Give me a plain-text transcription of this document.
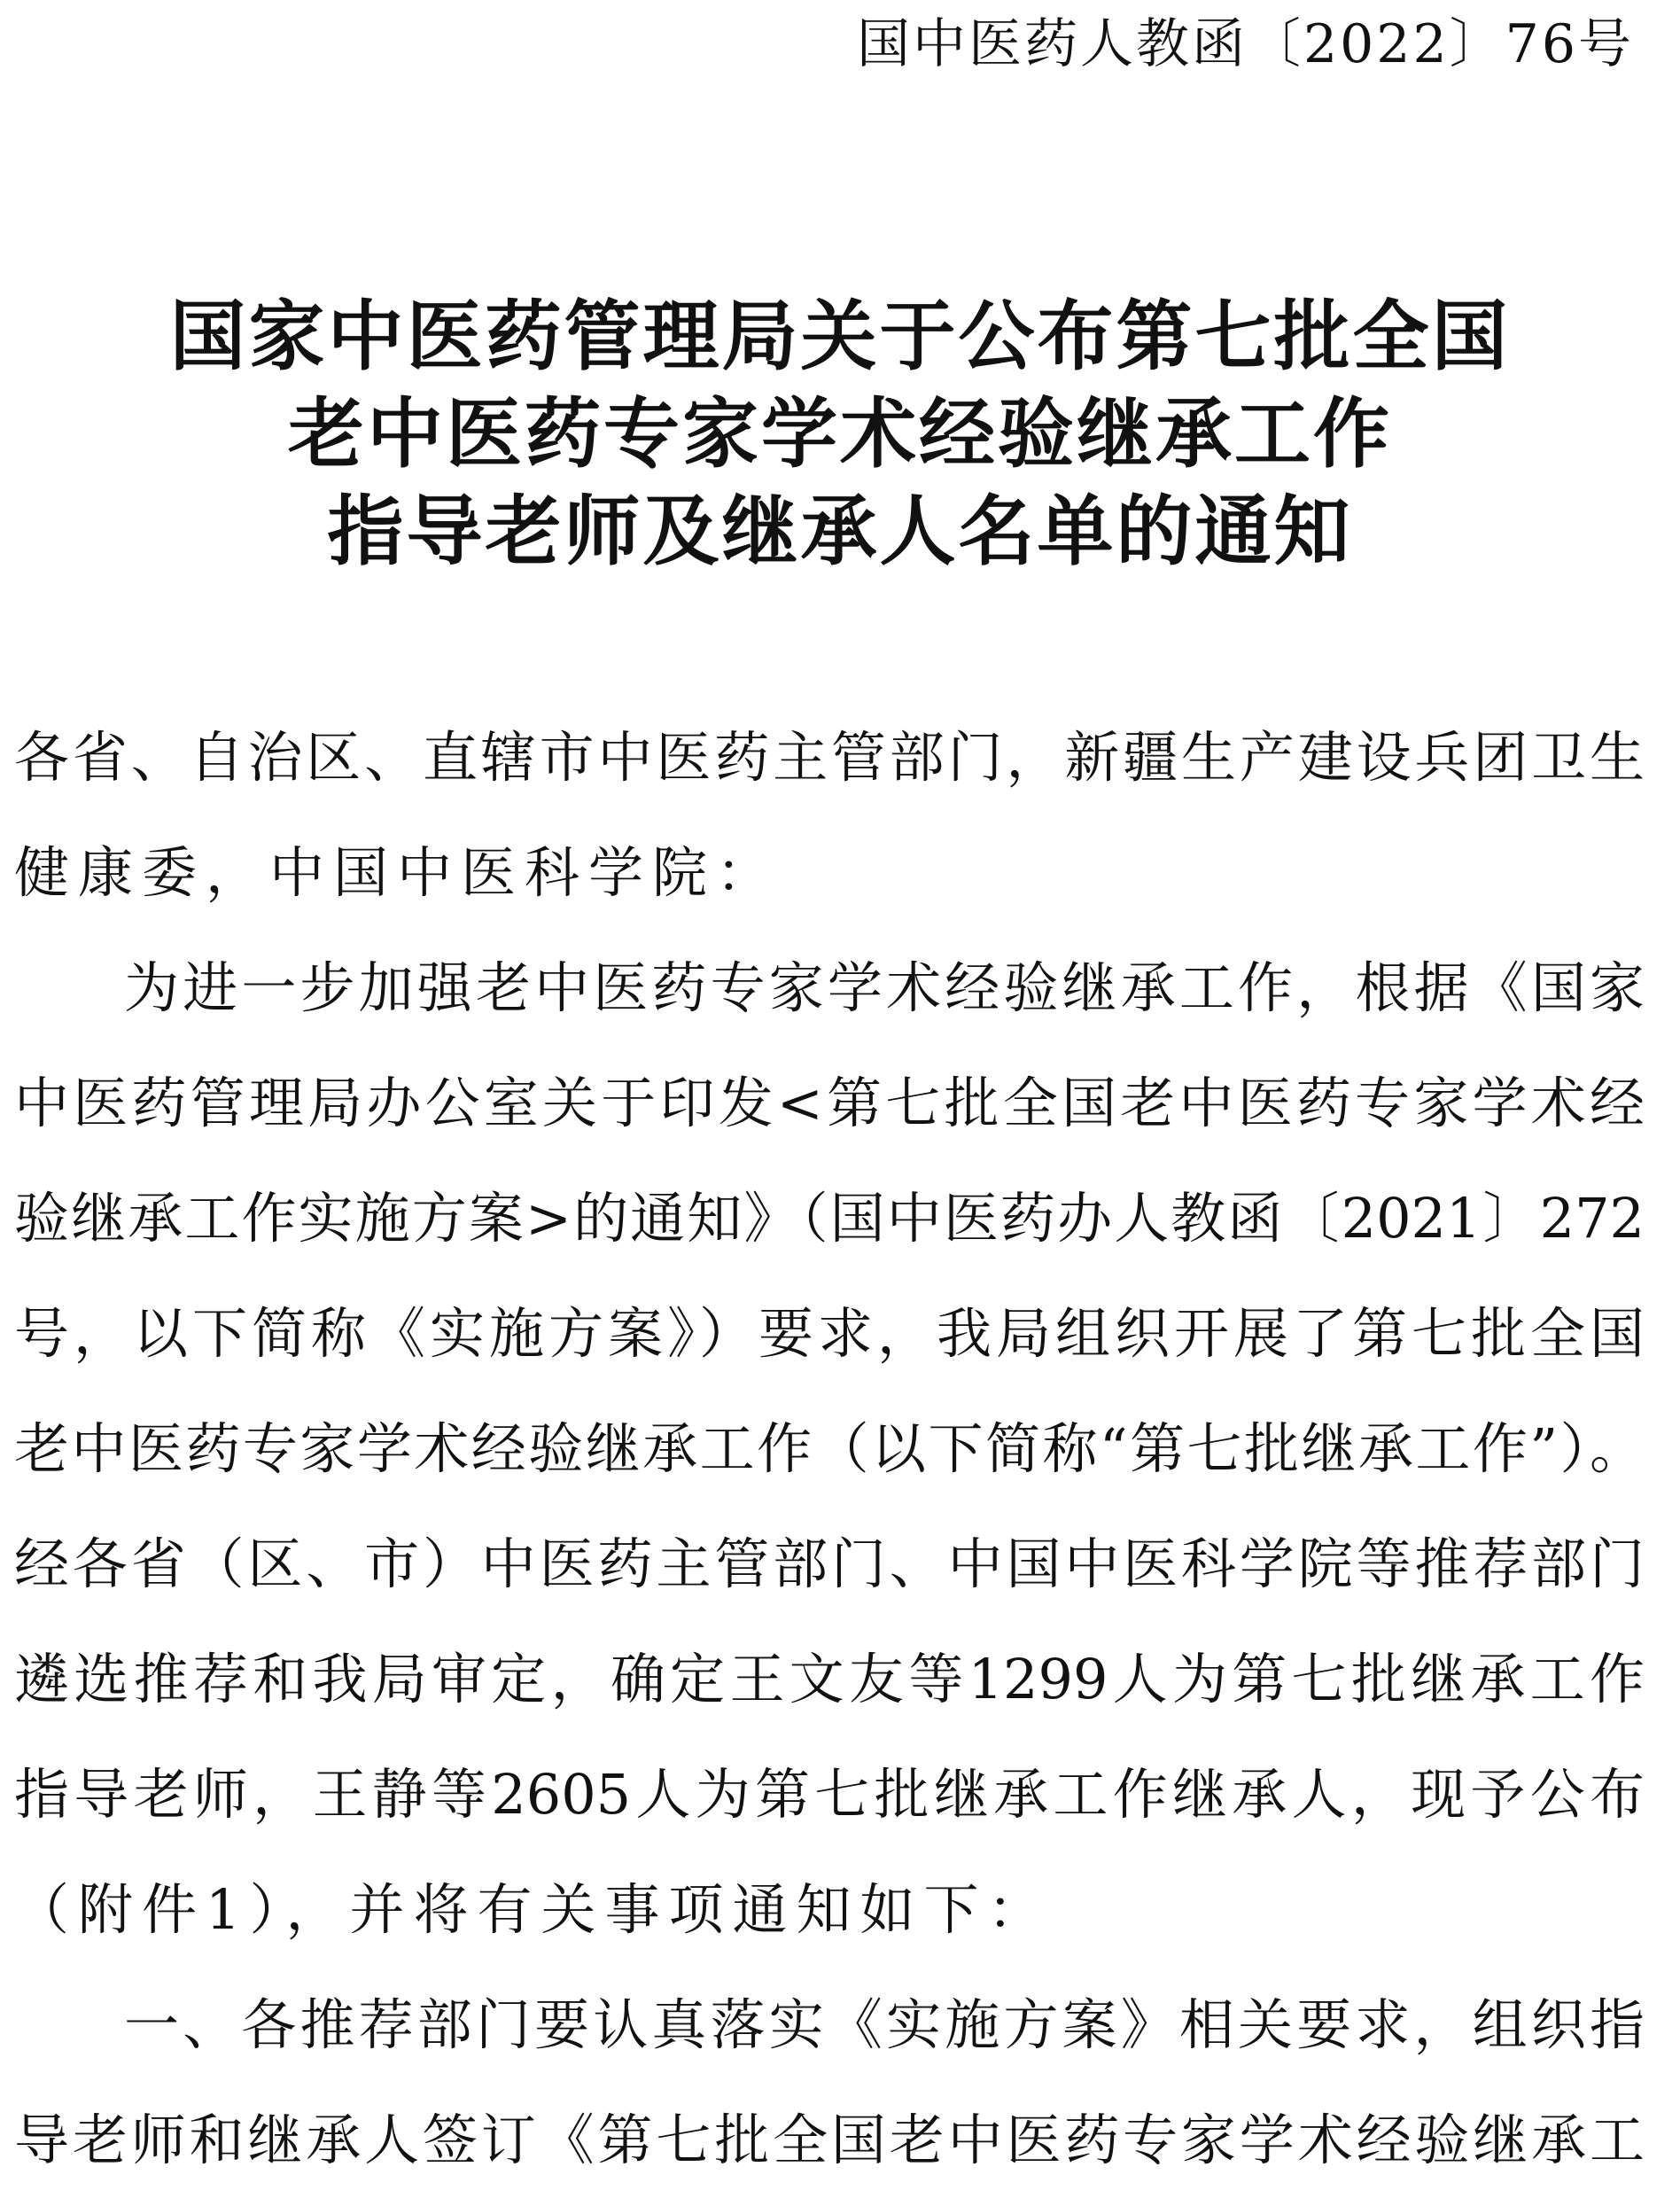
国中医药人教函〔2022〕76号
国家中医药管理局关于公布第七批全国
老中医药专家学术经验继承工作
指导老师及继承人名单的通知
各省、自治区、直辖市中医药主管部门，新疆生产建设兵团卫生
健康委，中国中医科学院：
为进一步加强老中医药专家学术经验继承工作，根据《国家
中医药管理局办公室关于印发<第七批全国老中医药专家学术经
验继承工作实施方案>的通知》（国中医药办人教函〔2021〕272
号，以下简称《实施方案》）要求，我局组织开展了第七批全国
老中医药专家学术经验继承工作（以下简称“第七批继承工作”）。
经各省（区、市）中医药主管部门、中国中医科学院等推荐部门
遴选推荐和我局审定，确定王文友等1299人为第七批继承工作
指导老师，王静等2605人为第七批继承工作继承人，现予公布
（附件1），并将有关事项通知如下：
一、各推荐部门要认真落实《实施方案》相关要求，组织指
导老师和继承人签订《第七批全国老中医药专家学术经验继承工
